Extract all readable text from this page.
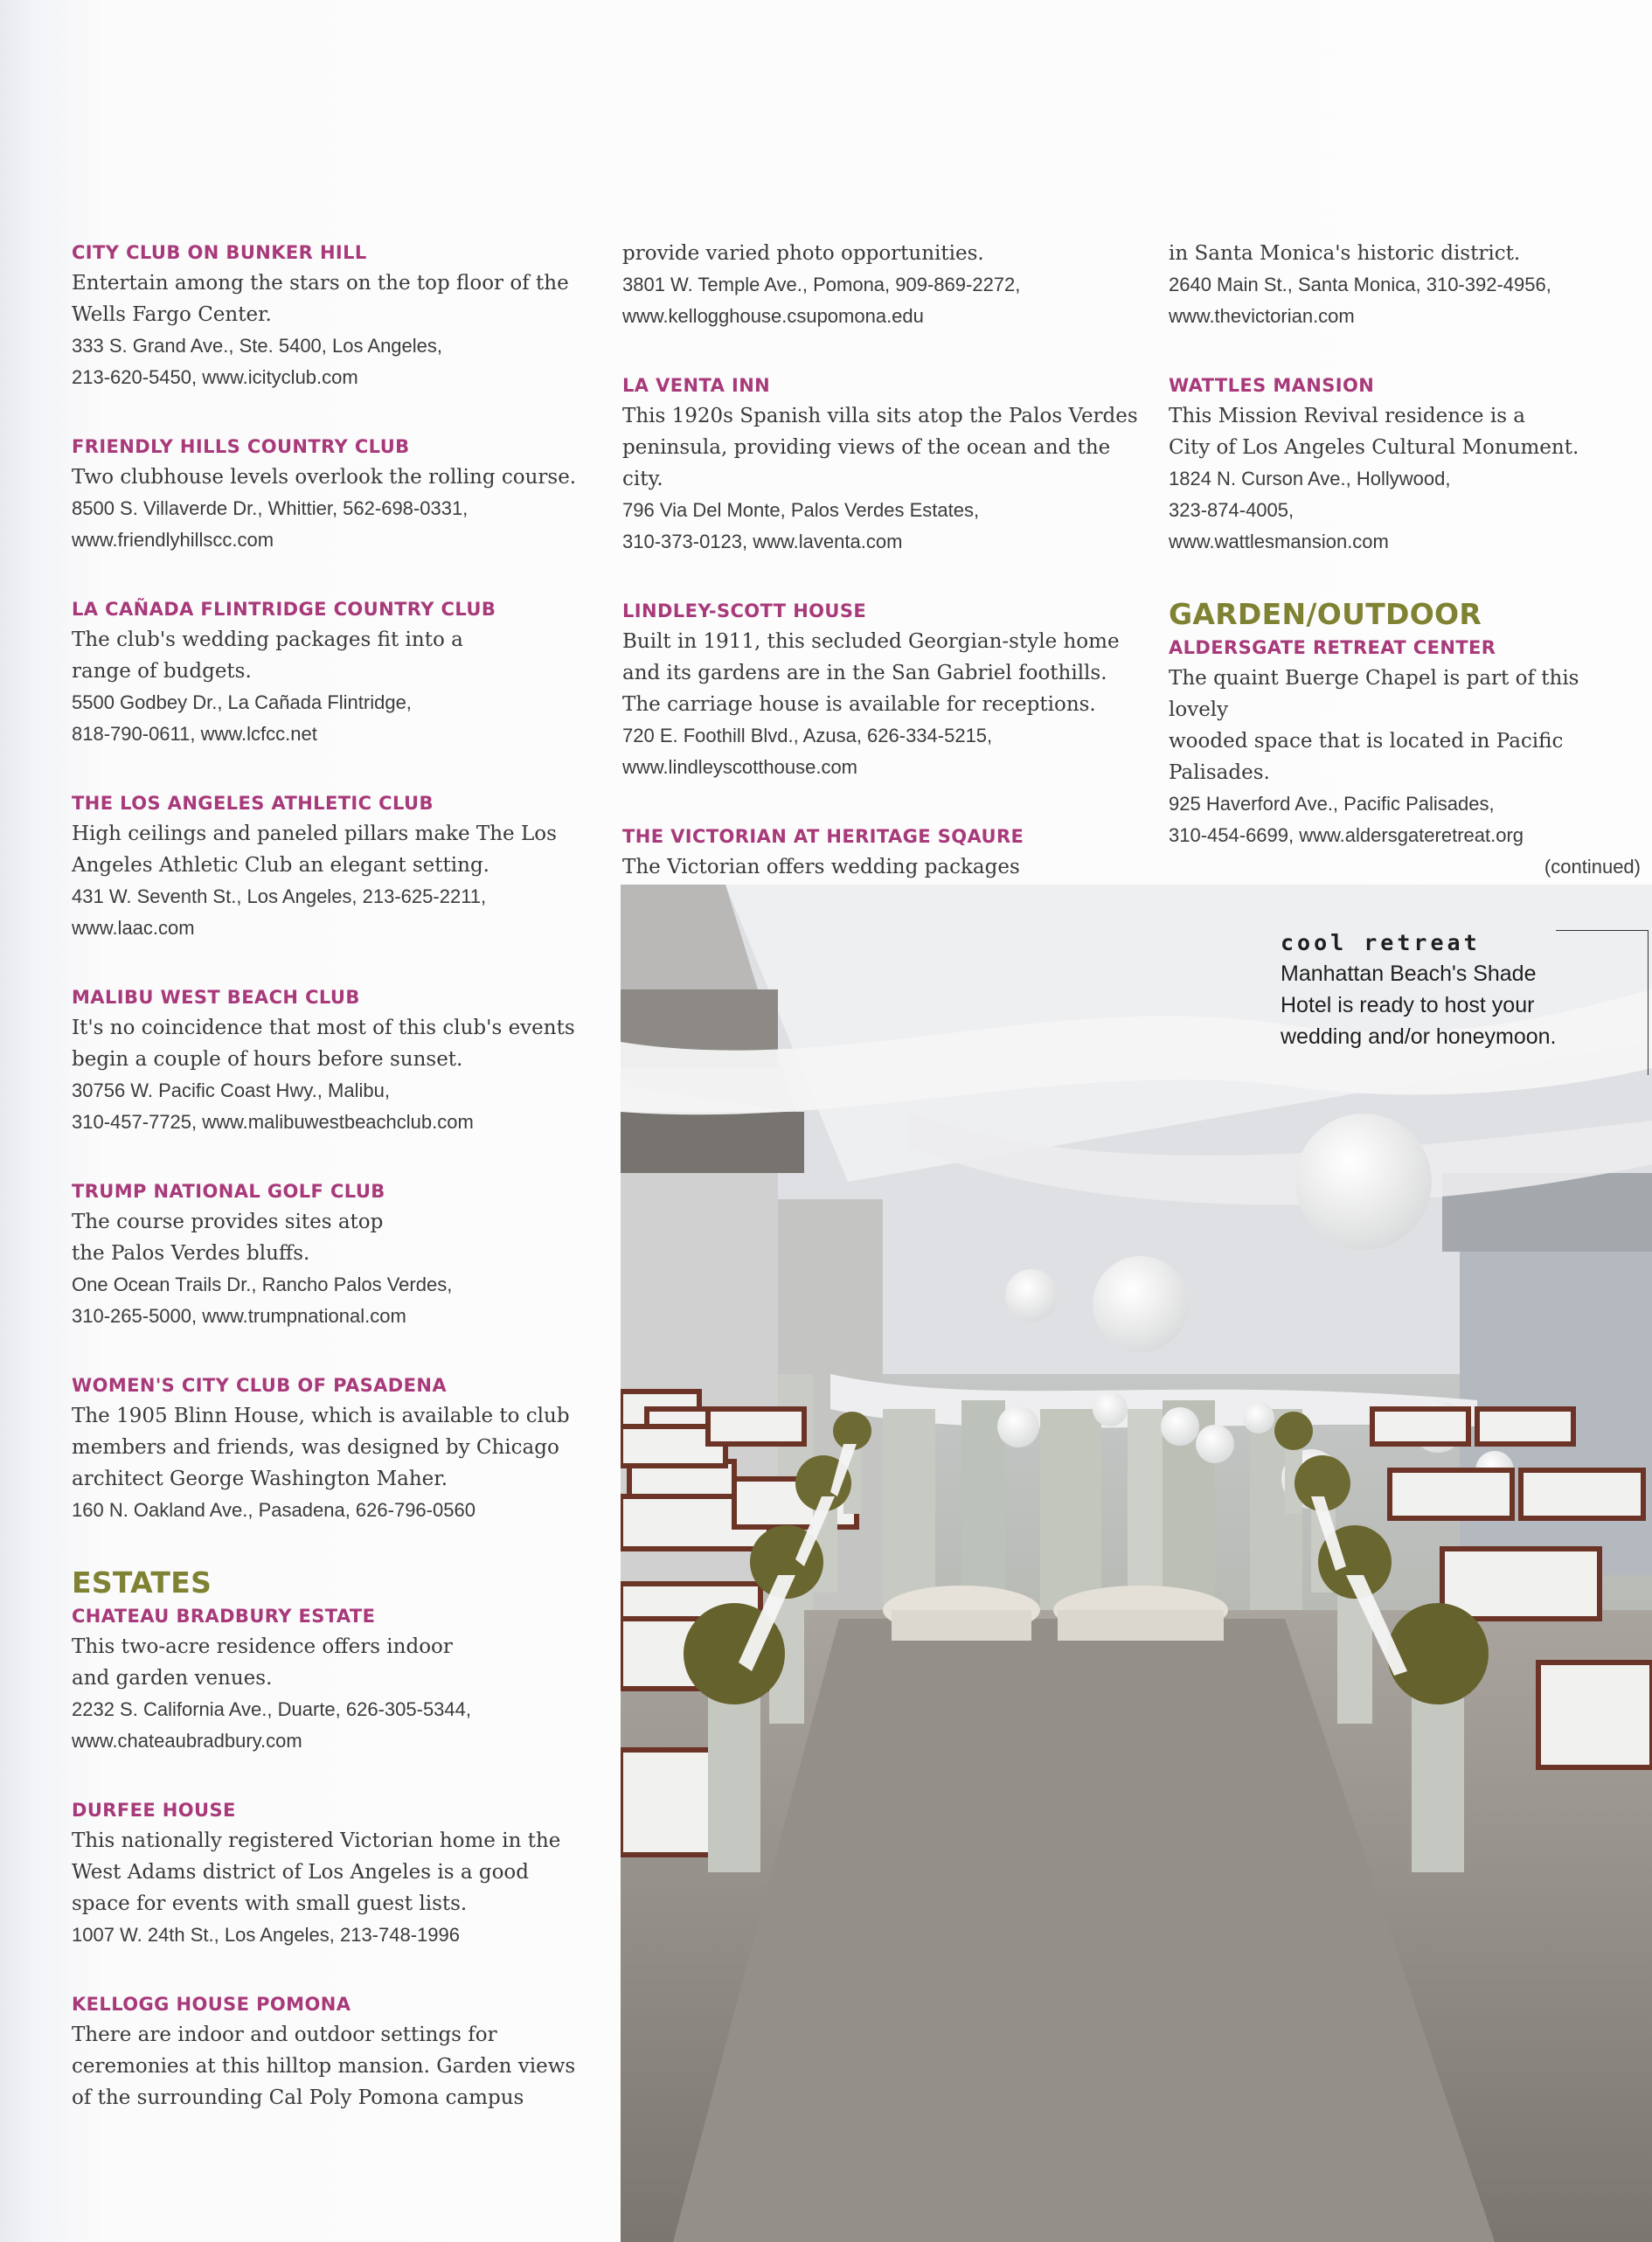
CITY CLUB ON BUNKER HILL
Entertain among the stars on the top floor of the
Wells Fargo Center.
333 S. Grand Ave., Ste. 5400, Los Angeles,
213-620-5450, www.icityclub.com
FRIENDLY HILLS COUNTRY CLUB
Two clubhouse levels overlook the rolling course.
8500 S. Villaverde Dr., Whittier, 562-698-0331,
www.friendlyhillscc.com
LA CAÑADA FLINTRIDGE COUNTRY CLUB
The club's wedding packages fit into a
range of budgets.
5500 Godbey Dr., La Cañada Flintridge,
818-790-0611, www.lcfcc.net
THE LOS ANGELES ATHLETIC CLUB
High ceilings and paneled pillars make The Los
Angeles Athletic Club an elegant setting.
431 W. Seventh St., Los Angeles, 213-625-2211,
www.laac.com
MALIBU WEST BEACH CLUB
It's no coincidence that most of this club's events
begin a couple of hours before sunset.
30756 W. Pacific Coast Hwy., Malibu,
310-457-7725, www.malibuwestbeachclub.com
TRUMP NATIONAL GOLF CLUB
The course provides sites atop
the Palos Verdes bluffs.
One Ocean Trails Dr., Rancho Palos Verdes,
310-265-5000, www.trumpnational.com
WOMEN'S CITY CLUB OF PASADENA
The 1905 Blinn House, which is available to club
members and friends, was designed by Chicago
architect George Washington Maher.
160 N. Oakland Ave., Pasadena, 626-796-0560
ESTATES
CHATEAU BRADBURY ESTATE
This two-acre residence offers indoor
and garden venues.
2232 S. California Ave., Duarte, 626-305-5344,
www.chateaubradbury.com
DURFEE HOUSE
This nationally registered Victorian home in the
West Adams district of Los Angeles is a good
space for events with small guest lists.
1007 W. 24th St., Los Angeles, 213-748-1996
KELLOGG HOUSE POMONA
There are indoor and outdoor settings for
ceremonies at this hilltop mansion. Garden views
of the surrounding Cal Poly Pomona campus
provide varied photo opportunities.
3801 W. Temple Ave., Pomona, 909-869-2272,
www.kellogghouse.csupomona.edu
LA VENTA INN
This 1920s Spanish villa sits atop the Palos Verdes
peninsula, providing views of the ocean and the city.
796 Via Del Monte, Palos Verdes Estates,
310-373-0123, www.laventa.com
LINDLEY-SCOTT HOUSE
Built in 1911, this secluded Georgian-style home
and its gardens are in the San Gabriel foothills.
The carriage house is available for receptions.
720 E. Foothill Blvd., Azusa, 626-334-5215,
www.lindleyscotthouse.com
THE VICTORIAN AT HERITAGE SQAURE
The Victorian offers wedding packages
in Santa Monica's historic district.
2640 Main St., Santa Monica, 310-392-4956,
www.thevictorian.com
WATTLES MANSION
This Mission Revival residence is a
City of Los Angeles Cultural Monument.
1824 N. Curson Ave., Hollywood,
323-874-4005,
www.wattlesmansion.com
GARDEN/OUTDOOR
ALDERSGATE RETREAT CENTER
The quaint Buerge Chapel is part of this lovely
wooded space that is located in Pacific Palisades.
925 Haverford Ave., Pacific Palisades,
310-454-6699, www.aldersgateretreat.org
(continued)
cool retreat
Manhattan Beach's Shade
Hotel is ready to host your
wedding and/or honeymoon.
